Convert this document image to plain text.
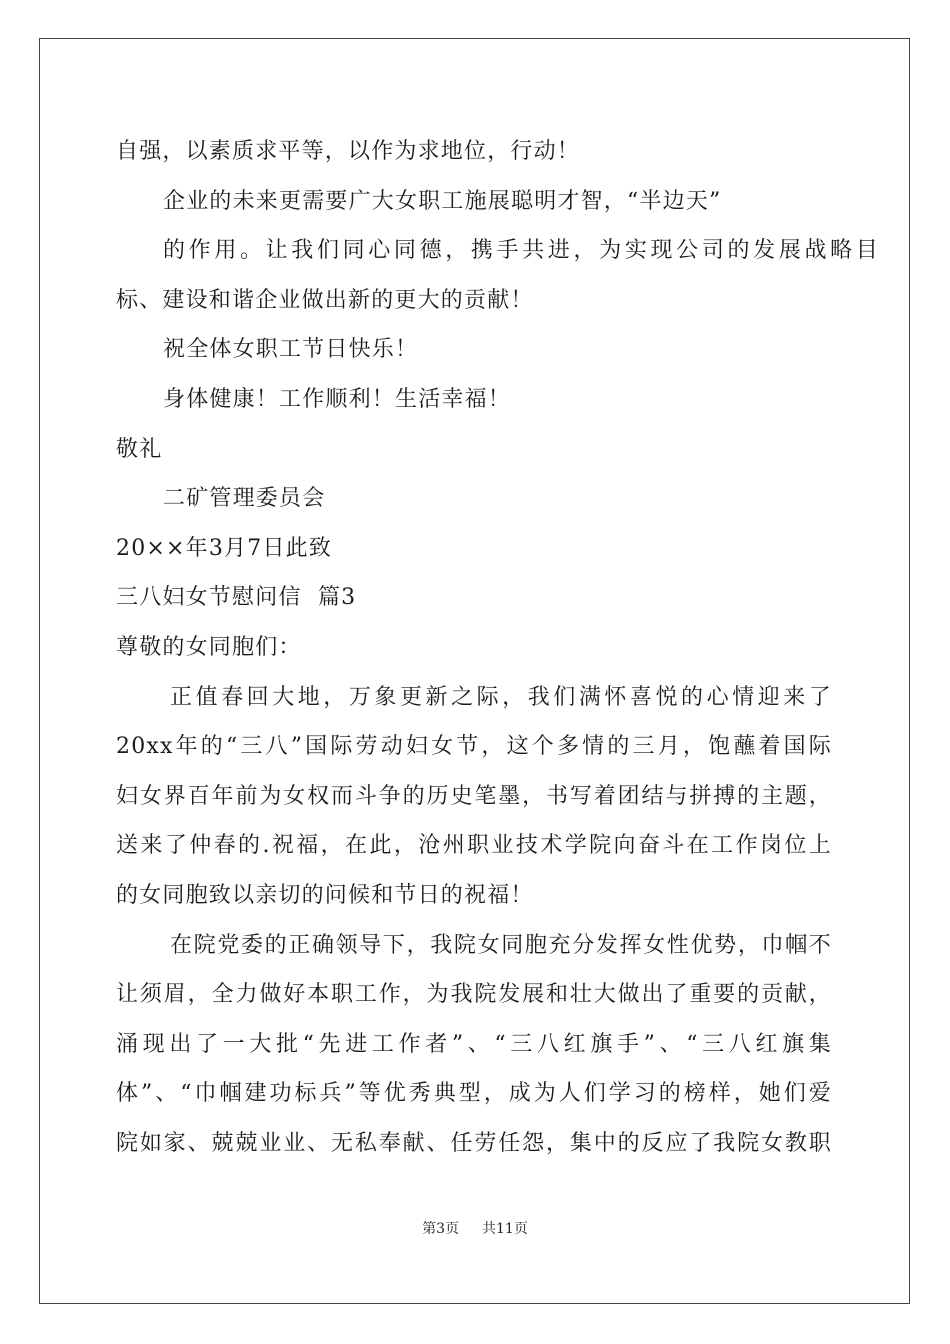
自强，以素质求平等，以作为求地位，行动！
企业的未来更需要广大女职工施展聪明才智，“半边天”
的作用。让我们同心同德，携手共进，为实现公司的发展战略目
标、建设和谐企业做出新的更大的贡献！
祝全体女职工节日快乐！
身体健康！工作顺利！生活幸福！
敬礼
二矿管理委员会
20××年3月7日此致
三八妇女节慰问信  篇3
尊敬的女同胞们：
正值春回大地，万象更新之际，我们满怀喜悦的心情迎来了
20xx年的“三八”国际劳动妇女节，这个多情的三月，饱蘸着国际
妇女界百年前为女权而斗争的历史笔墨，书写着团结与拼搏的主题，
送来了仲春的.祝福，在此，沧州职业技术学院向奋斗在工作岗位上
的女同胞致以亲切的问候和节日的祝福！
在院党委的正确领导下，我院女同胞充分发挥女性优势，巾帼不
让须眉，全力做好本职工作，为我院发展和壮大做出了重要的贡献，
涌现出了一大批“先进工作者”、“三八红旗手”、“三八红旗集
体”、“巾帼建功标兵”等优秀典型，成为人们学习的榜样，她们爱
院如家、兢兢业业、无私奉献、任劳任怨，集中的反应了我院女教职
第3页 共11页
